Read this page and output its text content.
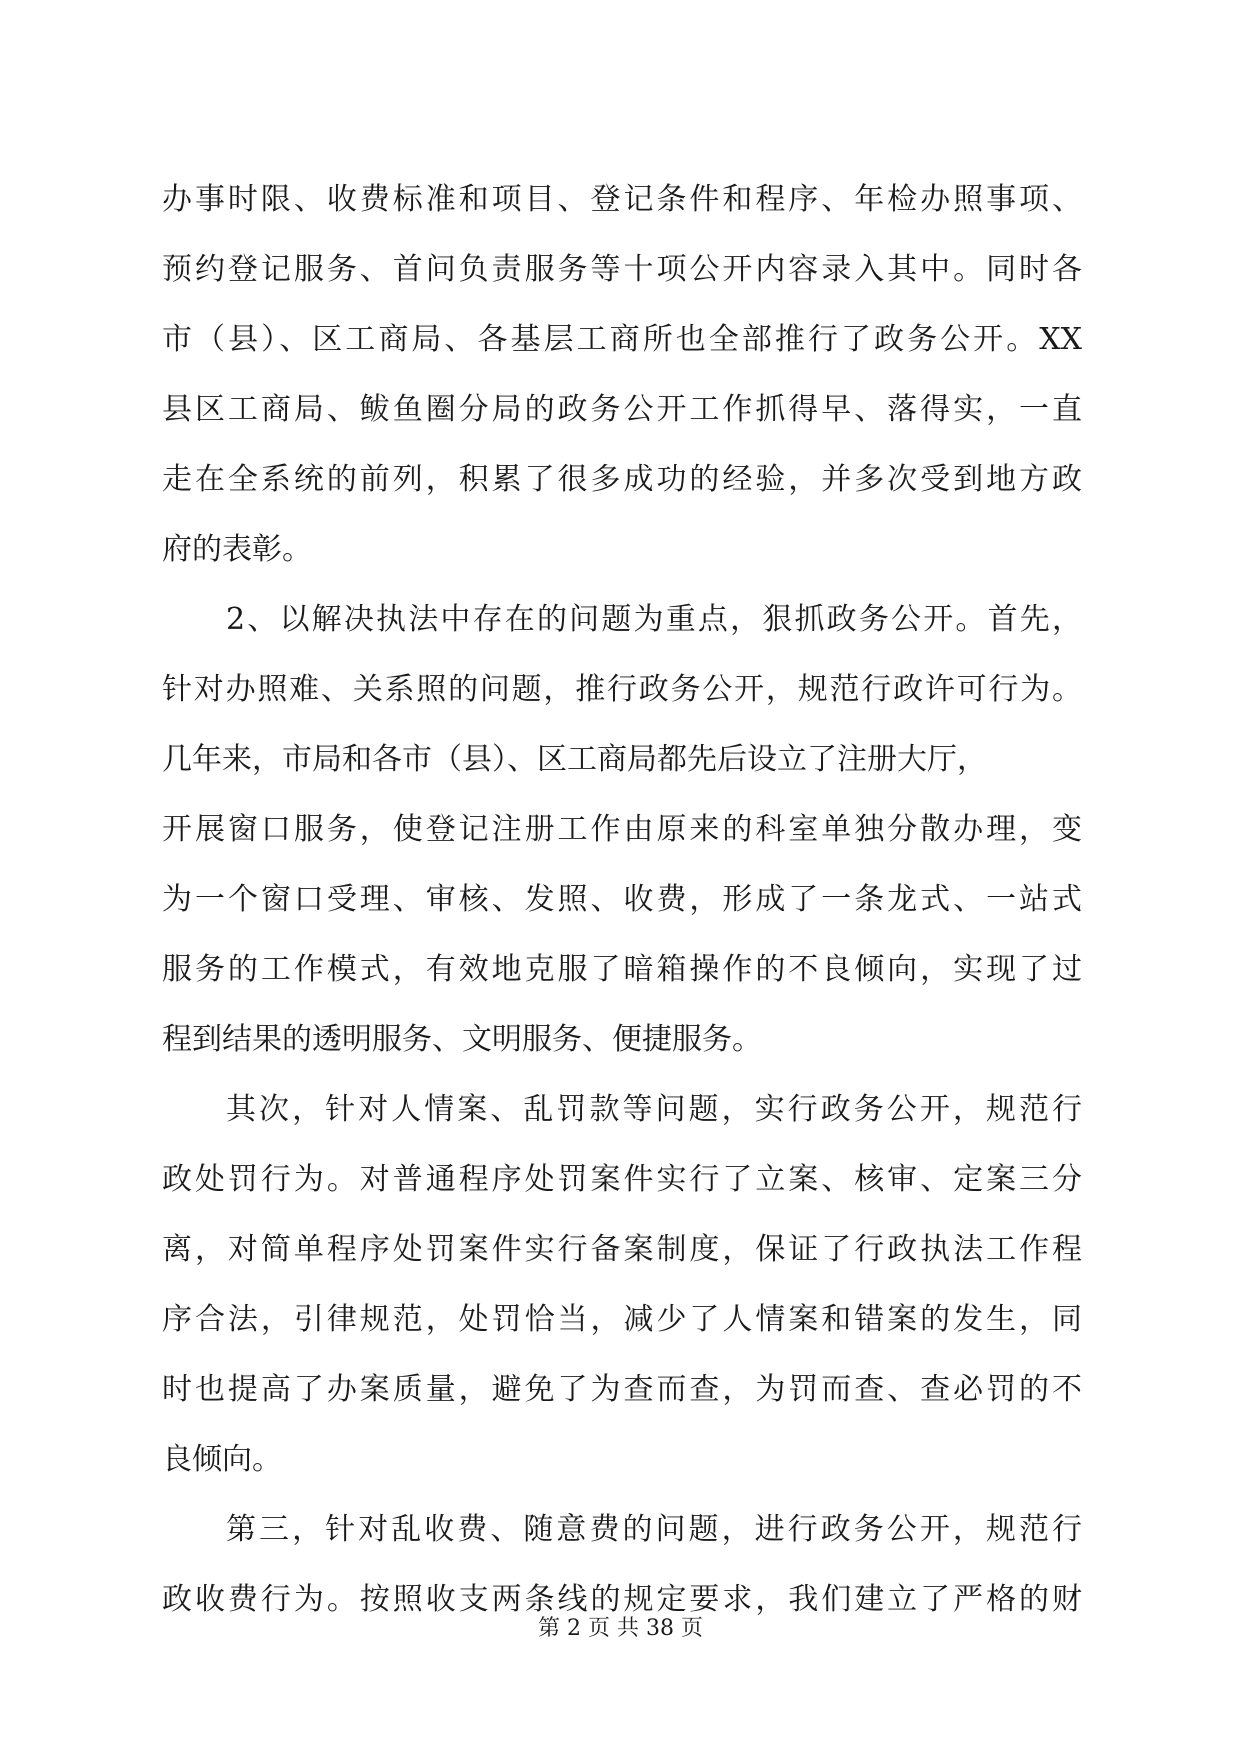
办事时限、收费标准和项目、登记条件和程序、年检办照事项、
预约登记服务、首问负责服务等十项公开内容录入其中。同时各
市（县）、区工商局、各基层工商所也全部推行了政务公开。XX
县区工商局、鲅鱼圈分局的政务公开工作抓得早、落得实，一直
走在全系统的前列，积累了很多成功的经验，并多次受到地方政
府的表彰。
2、以解决执法中存在的问题为重点，狠抓政务公开。首先，
针对办照难、关系照的问题，推行政务公开，规范行政许可行为。
几年来，市局和各市（县）、区工商局都先后设立了注册大厅，
开展窗口服务，使登记注册工作由原来的科室单独分散办理，变
为一个窗口受理、审核、发照、收费，形成了一条龙式、一站式
服务的工作模式，有效地克服了暗箱操作的不良倾向，实现了过
程到结果的透明服务、文明服务、便捷服务。
其次，针对人情案、乱罚款等问题，实行政务公开，规范行
政处罚行为。对普通程序处罚案件实行了立案、核审、定案三分
离，对简单程序处罚案件实行备案制度，保证了行政执法工作程
序合法，引律规范，处罚恰当，减少了人情案和错案的发生，同
时也提高了办案质量，避免了为查而查，为罚而查、查必罚的不
良倾向。
第三，针对乱收费、随意费的问题，进行政务公开，规范行
政收费行为。按照收支两条线的规定要求，我们建立了严格的财
第 2 页 共 38 页
